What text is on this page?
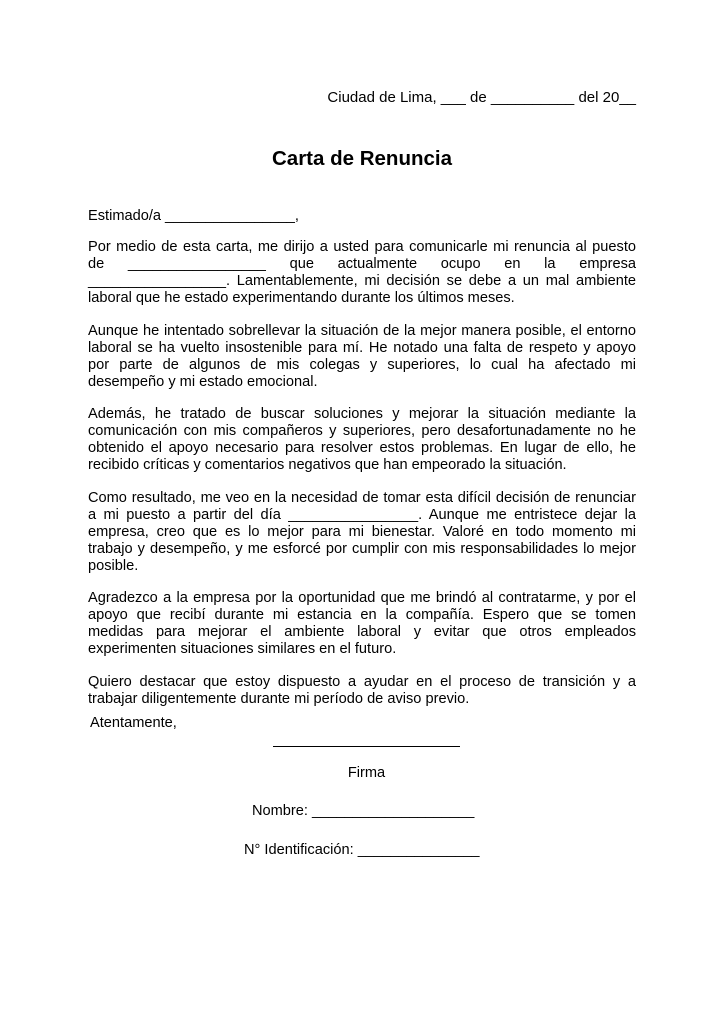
Ciudad de Lima, ___ de __________ del 20__
Carta de Renuncia
Estimado/a ________________,

Por medio de esta carta, me dirijo a usted para comunicarle mi renuncia al puesto de _________________ que actualmente ocupo en la empresa _________________. Lamentablemente, mi decisión se debe a un mal ambiente laboral que he estado experimentando durante los últimos meses.

Aunque he intentado sobrellevar la situación de la mejor manera posible, el entorno laboral se ha vuelto insostenible para mí. He notado una falta de respeto y apoyo por parte de algunos de mis colegas y superiores, lo cual ha afectado mi desempeño y mi estado emocional.

Además, he tratado de buscar soluciones y mejorar la situación mediante la comunicación con mis compañeros y superiores, pero desafortunadamente no he obtenido el apoyo necesario para resolver estos problemas. En lugar de ello, he recibido críticas y comentarios negativos que han empeorado la situación.

Como resultado, me veo en la necesidad de tomar esta difícil decisión de renunciar a mi puesto a partir del día ________________. Aunque me entristece dejar la empresa, creo que es lo mejor para mi bienestar. Valoré en todo momento mi trabajo y desempeño, y me esforcé por cumplir con mis responsabilidades lo mejor posible.

Agradezco a la empresa por la oportunidad que me brindó al contratarme, y por el apoyo que recibí durante mi estancia en la compañía. Espero que se tomen medidas para mejorar el ambiente laboral y evitar que otros empleados experimenten situaciones similares en el futuro.

Quiero destacar que estoy dispuesto a ayudar en el proceso de transición y a trabajar diligentemente durante mi período de aviso previo.

Atentamente,
Firma
Nombre: ____________________
N° Identificación: _______________
